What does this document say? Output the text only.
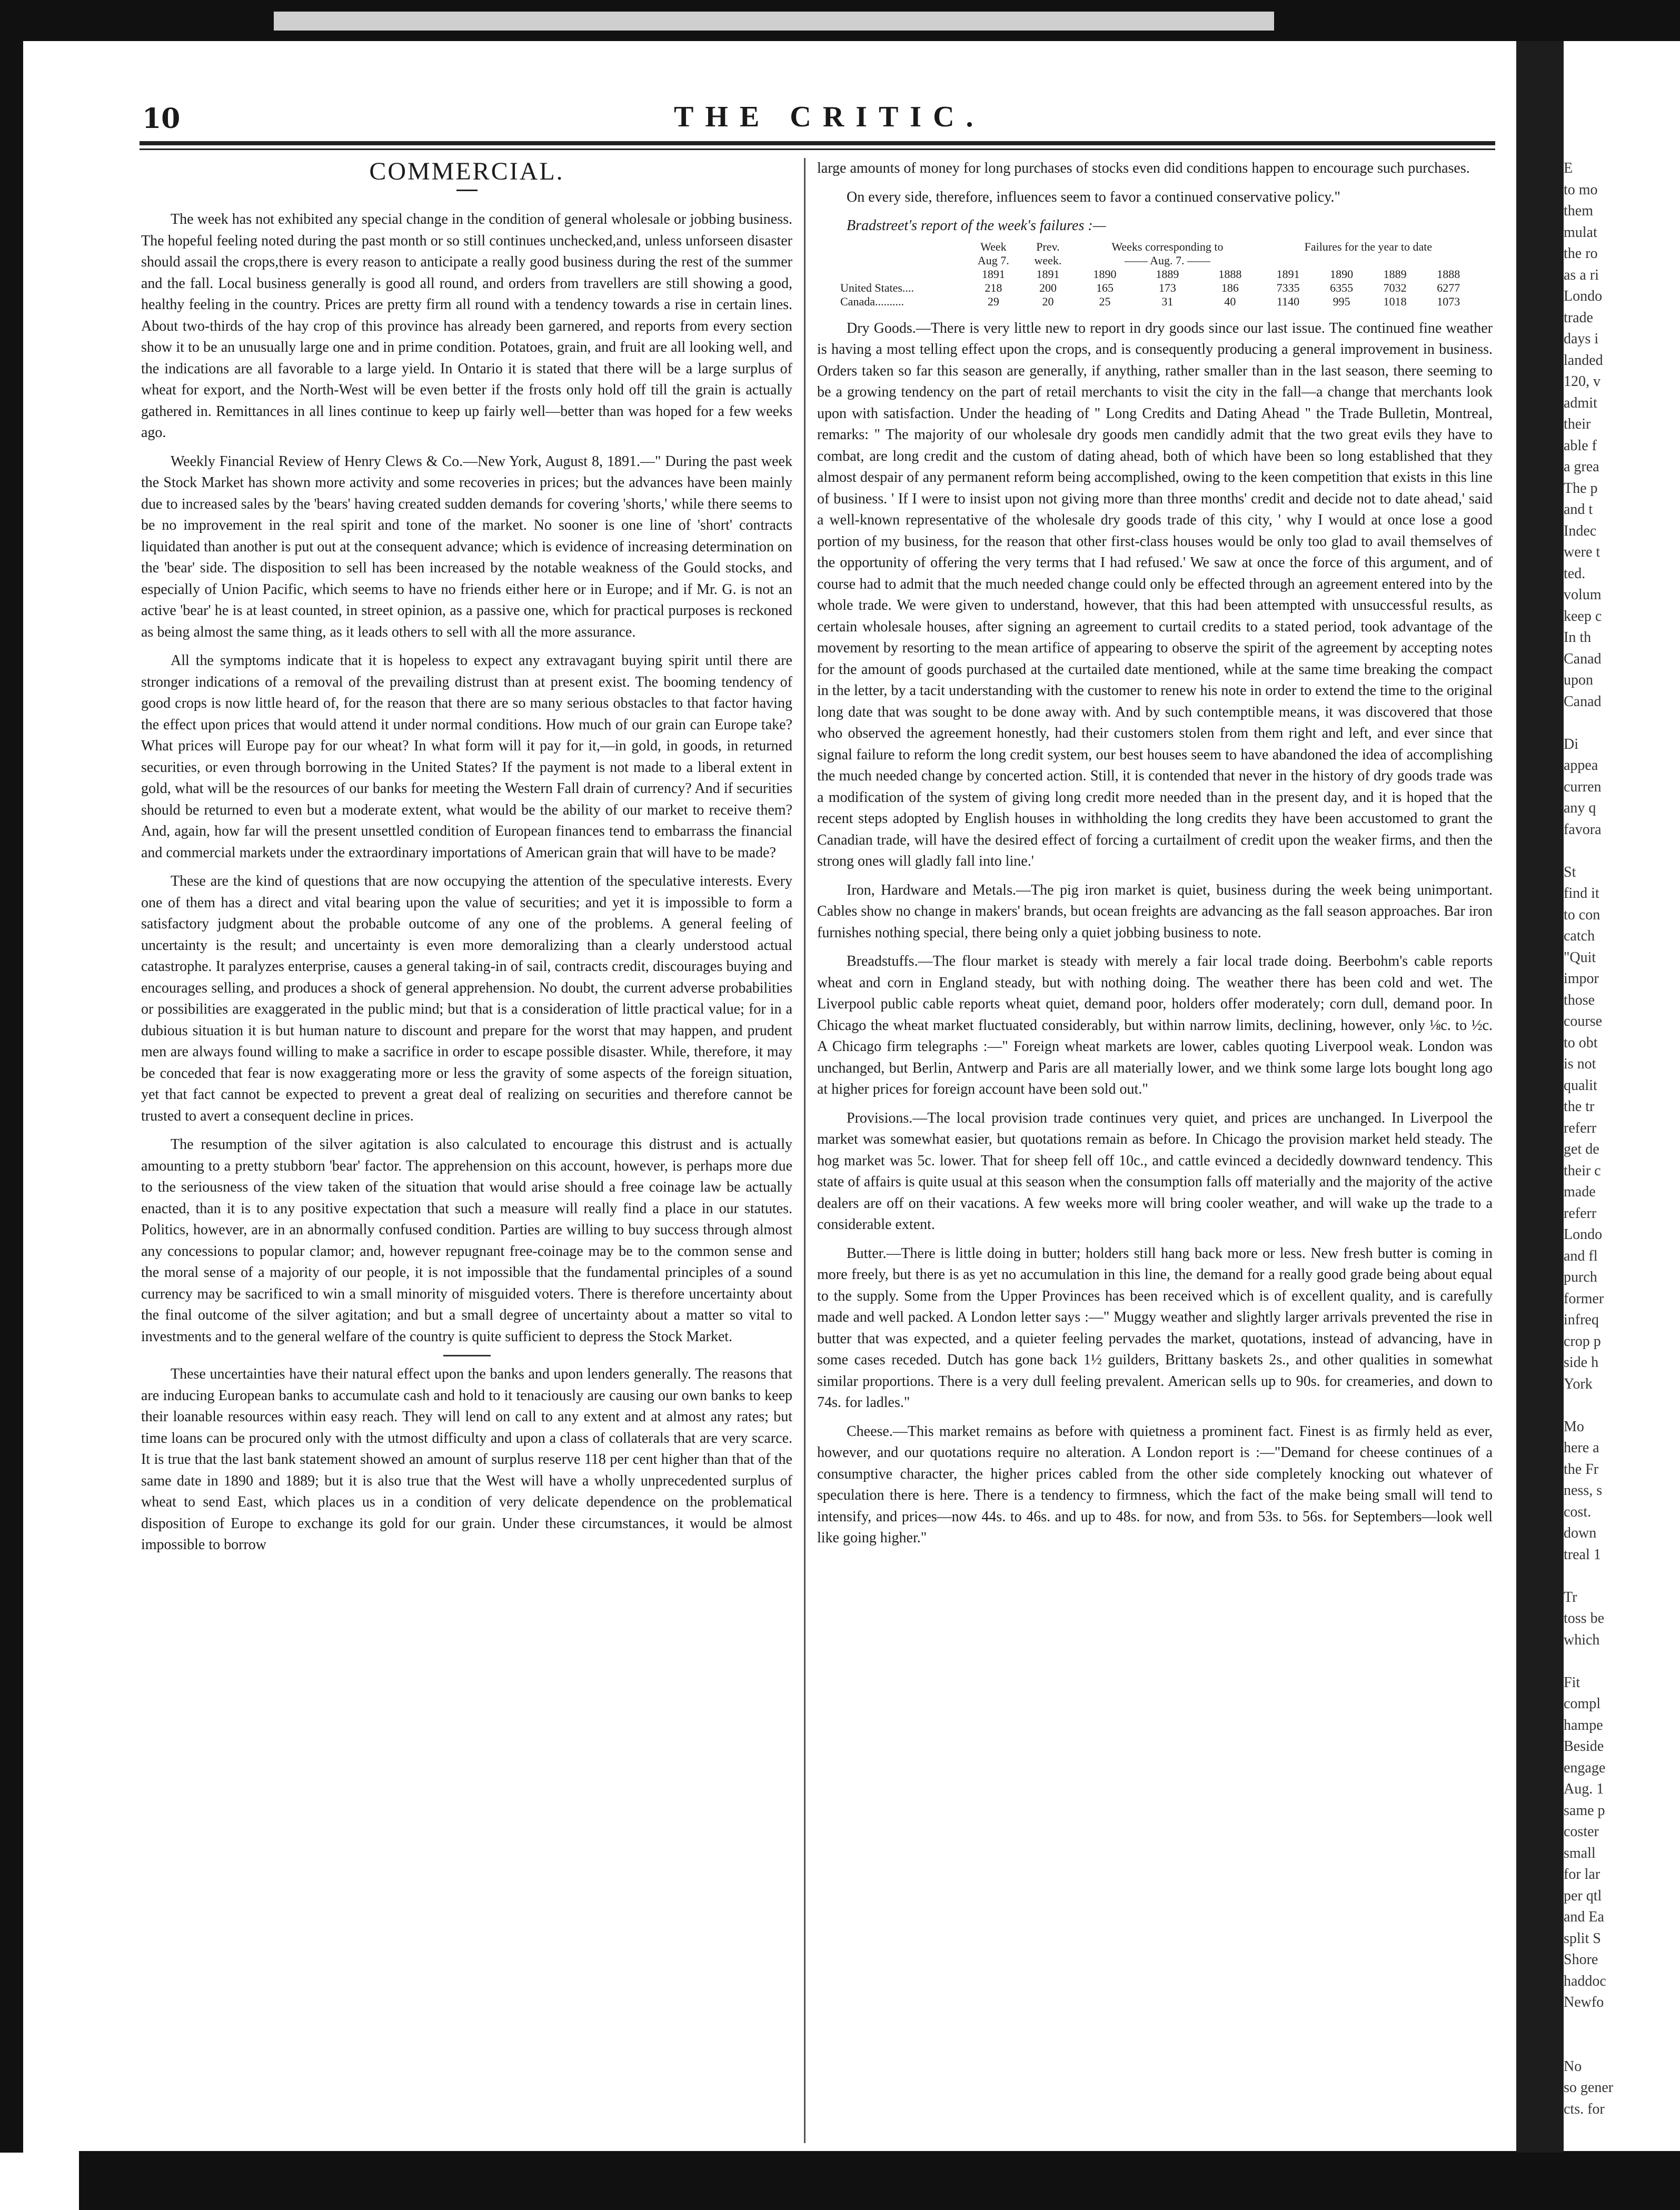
10	THE CRITIC.
COMMERCIAL.

The week has not exhibited any special change in the condition of general wholesale or jobbing business. The hopeful feeling noted during the past month or so still continues unchecked,and, unless unforseen disaster should assail the crops,there is every reason to anticipate a really good business during the rest of the summer and the fall. Local business generally is good all round, and orders from travellers are still showing a good, healthy feeling in the country. Prices are pretty firm all round with a tendency towards a rise in certain lines. About two-thirds of the hay crop of this province has already been garnered, and reports from every section show it to be an unusually large one and in prime condition. Potatoes, grain, and fruit are all looking well, and the indications are all favorable to a large yield. In Ontario it is stated that there will be a large surplus of wheat for export, and the North-West will be even better if the frosts only hold off till the grain is actually gathered in. Remittances in all lines continue to keep up fairly well—better than was hoped for a few weeks ago.

Weekly Financial Review of Henry Clews & Co.—New York, August 8, 1891.—" During the past week the Stock Market has shown more activity and some recoveries in prices; but the advances have been mainly due to increased sales by the 'bears' having created sudden demands for covering 'shorts,' while there seems to be no improvement in the real spirit and tone of the market. No sooner is one line of 'short' contracts liquidated than another is put out at the consequent advance; which is evidence of increasing determination on the 'bear' side. The disposition to sell has been increased by the notable weakness of the Gould stocks, and especially of Union Pacific, which seems to have no friends either here or in Europe; and if Mr. G. is not an active 'bear' he is at least counted, in street opinion, as a passive one, which for practical purposes is reckoned as being almost the same thing, as it leads others to sell with all the more assurance.

All the symptoms indicate that it is hopeless to expect any extravagant buying spirit until there are stronger indications of a removal of the prevailing distrust than at present exist. The booming tendency of good crops is now little heard of, for the reason that there are so many serious obstacles to that factor having the effect upon prices that would attend it under normal conditions. How much of our grain can Europe take? What prices will Europe pay for our wheat? In what form will it pay for it,—in gold, in goods, in returned securities, or even through borrowing in the United States? If the payment is not made to a liberal extent in gold, what will be the resources of our banks for meeting the Western Fall drain of currency? And if securities should be returned to even but a moderate extent, what would be the ability of our market to receive them? And, again, how far will the present unsettled condition of European finances tend to embarrass the financial and commercial markets under the extraordinary importations of American grain that will have to be made?

These are the kind of questions that are now occupying the attention of the speculative interests. Every one of them has a direct and vital bearing upon the value of securities; and yet it is impossible to form a satisfactory judgment about the probable outcome of any one of the problems. A general feeling of uncertainty is the result; and uncertainty is even more demoralizing than a clearly understood actual catastrophe. It paralyzes enterprise, causes a general taking-in of sail, contracts credit, discourages buying and encourages selling, and produces a shock of general apprehension. No doubt, the current adverse probabilities or possibilities are exaggerated in the public mind; but that is a consideration of little practical value; for in a dubious situation it is but human nature to discount and prepare for the worst that may happen, and prudent men are always found willing to make a sacrifice in order to escape possible disaster. While, therefore, it may be conceded that fear is now exaggerating more or less the gravity of some aspects of the foreign situation, yet that fact cannot be expected to prevent a great deal of realizing on securities and therefore cannot be trusted to avert a consequent decline in prices.

The resumption of the silver agitation is also calculated to encourage this distrust and is actually amounting to a pretty stubborn 'bear' factor. The apprehension on this account, however, is perhaps more due to the seriousness of the view taken of the situation that would arise should a free coinage law be actually enacted, than it is to any positive expectation that such a measure will really find a place in our statutes. Politics, however, are in an abnormally confused condition. Parties are willing to buy success through almost any concessions to popular clamor; and, however repugnant free-coinage may be to the common sense and the moral sense of a majority of our people, it is not impossible that the fundamental principles of a sound currency may be sacrificed to win a small minority of misguided voters. There is therefore uncertainty about the final outcome of the silver agitation; and but a small degree of uncertainty about a matter so vital to investments and to the general welfare of the country is quite sufficient to depress the Stock Market.

These uncertainties have their natural effect upon the banks and upon lenders generally. The reasons that are inducing European banks to accumulate cash and hold to it tenaciously are causing our own banks to keep their loanable resources within easy reach. They will lend on call to any extent and at almost any rates; but time loans can be procured only with the utmost difficulty and upon a class of collaterals that are very scarce. It is true that the last bank statement showed an amount of surplus reserve 118 per cent higher than that of the same date in 1890 and 1889; but it is also true that the West will have a wholly unprecedented surplus of wheat to send East, which places us in a condition of very delicate dependence on the problematical disposition of Europe to exchange its gold for our grain. Under these circumstances, it would be almost impossible to borrow

large amounts of money for long purchases of stocks even did conditions happen to encourage such purchases.

On every side, therefore, influences seem to favor a continued conservative policy."

Bradstreet's report of the week's failures :—

	Week	Prev.	Weeks corresponding to			Failures for the year to date			
	Aug 7.	week.	—— Aug. 7. ——						
	1891	1891	1890	1889	1888	1891	1890	1889	1888
United States....	218	200	165	173	186	7335	6355	7032	6277
Canada..........	29	20	25	31	40	1140	995	1018	1073

Dry Goods.—There is very little new to report in dry goods since our last issue. The continued fine weather is having a most telling effect upon the crops, and is consequently producing a general improvement in business. Orders taken so far this season are generally, if anything, rather smaller than in the last season, there seeming to be a growing tendency on the part of retail merchants to visit the city in the fall—a change that merchants look upon with satisfaction. Under the heading of " Long Credits and Dating Ahead " the Trade Bulletin, Montreal, remarks: " The majority of our wholesale dry goods men candidly admit that the two great evils they have to combat, are long credit and the custom of dating ahead, both of which have been so long established that they almost despair of any permanent reform being accomplished, owing to the keen competition that exists in this line of business. ' If I were to insist upon not giving more than three months' credit and decide not to date ahead,' said a well-known representative of the wholesale dry goods trade of this city, ' why I would at once lose a good portion of my business, for the reason that other first-class houses would be only too glad to avail themselves of the opportunity of offering the very terms that I had refused.' We saw at once the force of this argument, and of course had to admit that the much needed change could only be effected through an agreement entered into by the whole trade. We were given to understand, however, that this had been attempted with unsuccessful results, as certain wholesale houses, after signing an agreement to curtail credits to a stated period, took advantage of the movement by resorting to the mean artifice of appearing to observe the spirit of the agreement by accepting notes for the amount of goods purchased at the curtailed date mentioned, while at the same time breaking the compact in the letter, by a tacit understanding with the customer to renew his note in order to extend the time to the original long date that was sought to be done away with. And by such contemptible means, it was discovered that those who observed the agreement honestly, had their customers stolen from them right and left, and ever since that signal failure to reform the long credit system, our best houses seem to have abandoned the idea of accomplishing the much needed change by concerted action. Still, it is contended that never in the history of dry goods trade was a modification of the system of giving long credit more needed than in the present day, and it is hoped that the recent steps adopted by English houses in withholding the long credits they have been accustomed to grant the Canadian trade, will have the desired effect of forcing a curtailment of credit upon the weaker firms, and then the strong ones will gladly fall into line.'

Iron, Hardware and Metals.—The pig iron market is quiet, business during the week being unimportant. Cables show no change in makers' brands, but ocean freights are advancing as the fall season approaches. Bar iron furnishes nothing special, there being only a quiet jobbing business to note.

Breadstuffs.—The flour market is steady with merely a fair local trade doing. Beerbohm's cable reports wheat and corn in England steady, but with nothing doing. The weather there has been cold and wet. The Liverpool public cable reports wheat quiet, demand poor, holders offer moderately; corn dull, demand poor. In Chicago the wheat market fluctuated considerably, but within narrow limits, declining, however, only ⅛c. to ½c. A Chicago firm telegraphs :—" Foreign wheat markets are lower, cables quoting Liverpool weak. London was unchanged, but Berlin, Antwerp and Paris are all materially lower, and we think some large lots bought long ago at higher prices for foreign account have been sold out."

Provisions.—The local provision trade continues very quiet, and prices are unchanged. In Liverpool the market was somewhat easier, but quotations remain as before. In Chicago the provision market held steady. The hog market was 5c. lower. That for sheep fell off 10c., and cattle evinced a decidedly downward tendency. This state of affairs is quite usual at this season when the consumption falls off materially and the majority of the active dealers are off on their vacations. A few weeks more will bring cooler weather, and will wake up the trade to a considerable extent.

Butter.—There is little doing in butter; holders still hang back more or less. New fresh butter is coming in more freely, but there is as yet no accumulation in this line, the demand for a really good grade being about equal to the supply. Some from the Upper Provinces has been received which is of excellent quality, and is carefully made and well packed. A London letter says :—" Muggy weather and slightly larger arrivals prevented the rise in butter that was expected, and a quieter feeling pervades the market, quotations, instead of advancing, have in some cases receded. Dutch has gone back 1½ guilders, Brittany baskets 2s., and other qualities in somewhat similar proportions. There is a very dull feeling prevalent. American sells up to 90s. for creameries, and down to 74s. for ladles."

Cheese.—This market remains as before with quietness a prominent fact. Finest is as firmly held as ever, however, and our quotations require no alteration. A London report is :—"Demand for cheese continues of a consumptive character, the higher prices cabled from the other side completely knocking out whatever of speculation there is here. There is a tendency to firmness, which the fact of the make being small will tend to intensify, and prices—now 44s. to 46s. and up to 48s. for now, and from 53s. to 56s. for Septembers—look well like going higher."

E
to mo
them
mulat
the ro
as a ri
Londo
trade
days i
landed
120, v
admit
their
able f
a grea
The p
and t
Indec
were t
ted.
volum
keep c
In th
Canad
upon
Canad
Di
appea
curren
any q
favora
St
find it
to con
catch
"Quit
impor
those
course
to obt
is not
qualit
the tr
referr
get de
their c
made
referr
Londo
and fl
purch
former
infreq
crop p
side h
York
Mo
here a
the Fr
ness, s
cost.
down
treal 1
Tr
toss be
which
Fit
compl
hampe
Beside
engage
Aug. 1
same p
coster
small
for lar
per qtl
and Ea
split S
Shore
haddoc
Newfo
No
so gener
cts. for
